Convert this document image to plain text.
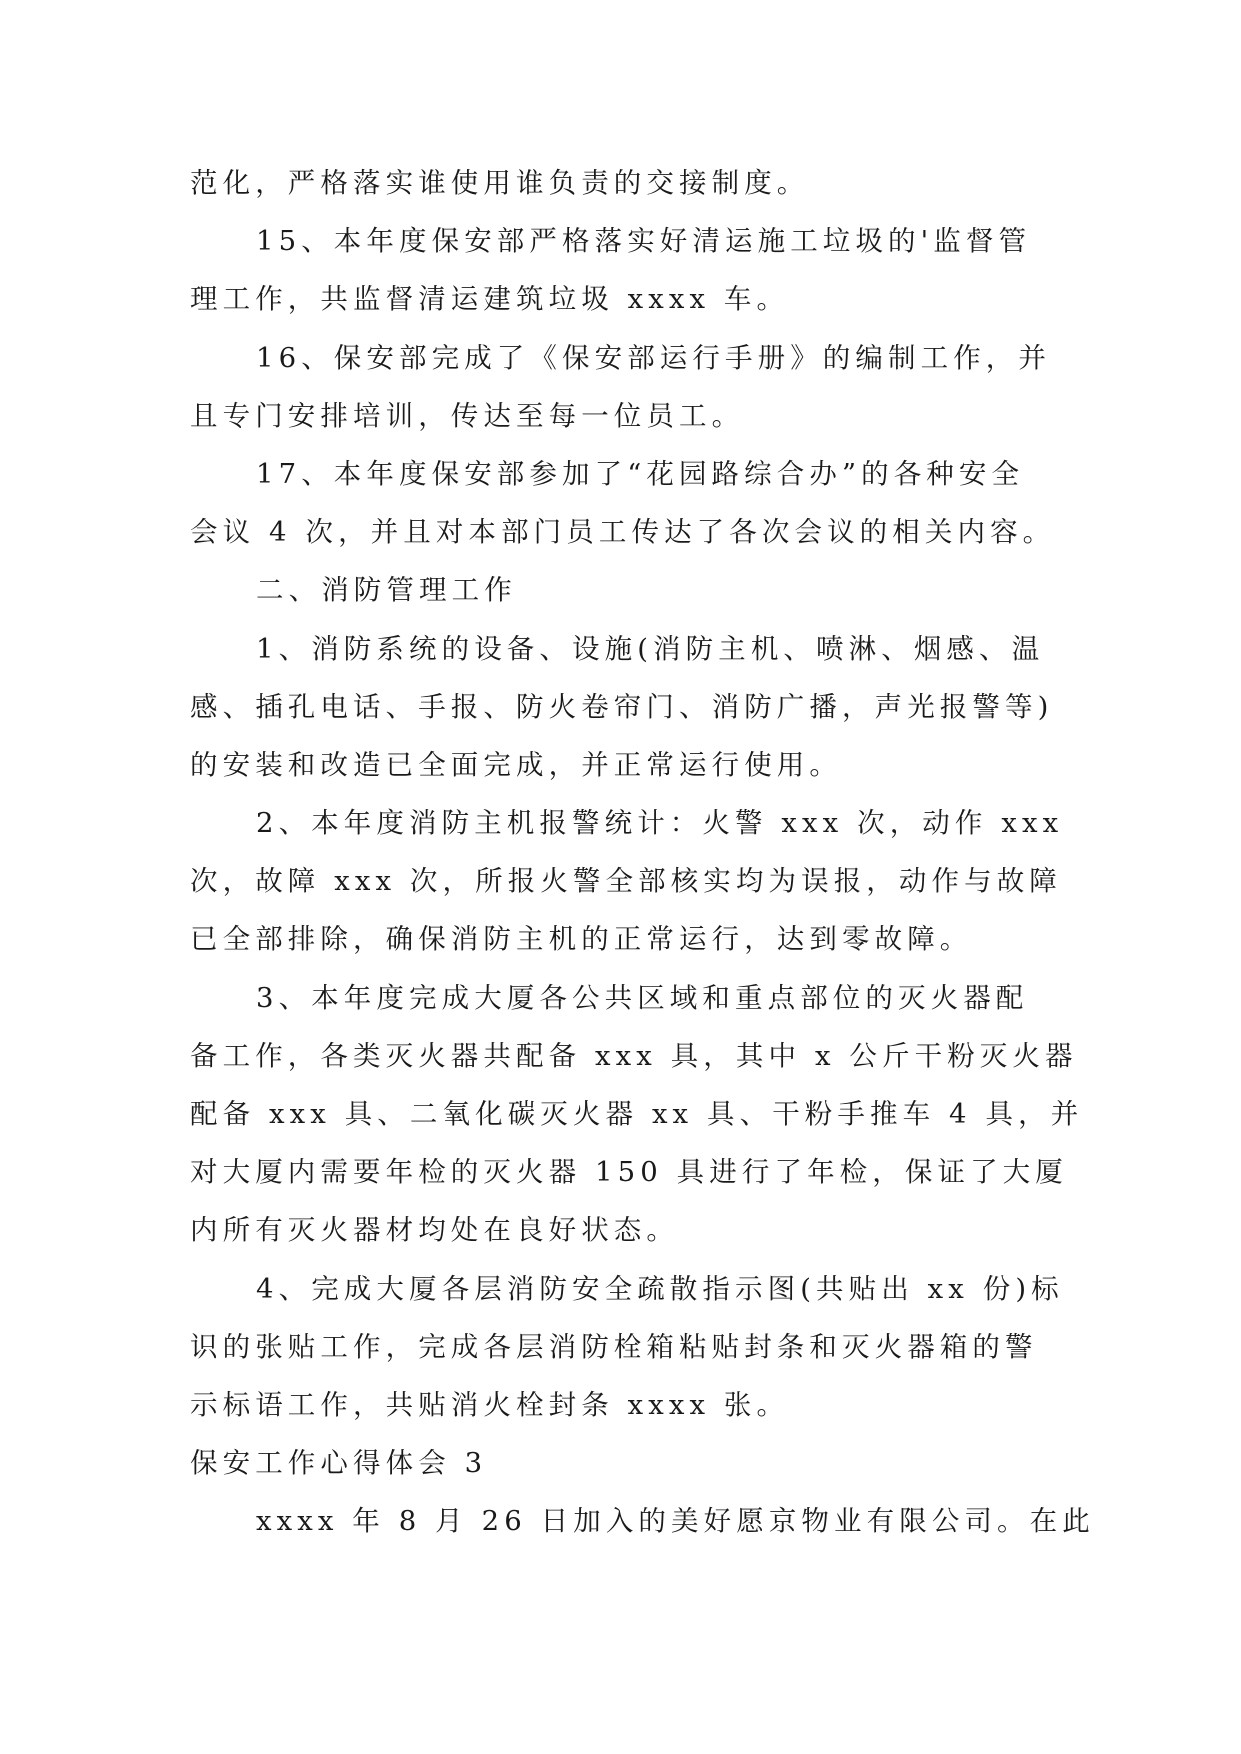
范化，严格落实谁使用谁负责的交接制度。
15、本年度保安部严格落实好清运施工垃圾的'监督管
理工作，共监督清运建筑垃圾 xxxx 车。
16、保安部完成了《保安部运行手册》的编制工作，并
且专门安排培训，传达至每一位员工。
17、本年度保安部参加了“花园路综合办”的各种安全
会议 4 次，并且对本部门员工传达了各次会议的相关内容。
二、消防管理工作
1、消防系统的设备、设施(消防主机、喷淋、烟感、温
感、插孔电话、手报、防火卷帘门、消防广播，声光报警等)
的安装和改造已全面完成，并正常运行使用。
2、本年度消防主机报警统计：火警 xxx 次，动作 xxx
次，故障 xxx 次，所报火警全部核实均为误报，动作与故障
已全部排除，确保消防主机的正常运行，达到零故障。
3、本年度完成大厦各公共区域和重点部位的灭火器配
备工作，各类灭火器共配备 xxx 具，其中 x 公斤干粉灭火器
配备 xxx 具、二氧化碳灭火器 xx 具、干粉手推车 4 具，并
对大厦内需要年检的灭火器 150 具进行了年检，保证了大厦
内所有灭火器材均处在良好状态。
4、完成大厦各层消防安全疏散指示图(共贴出 xx 份)标
识的张贴工作，完成各层消防栓箱粘贴封条和灭火器箱的警
示标语工作，共贴消火栓封条 xxxx 张。
保安工作心得体会 3
xxxx 年 8 月 26 日加入的美好愿京物业有限公司。在此
